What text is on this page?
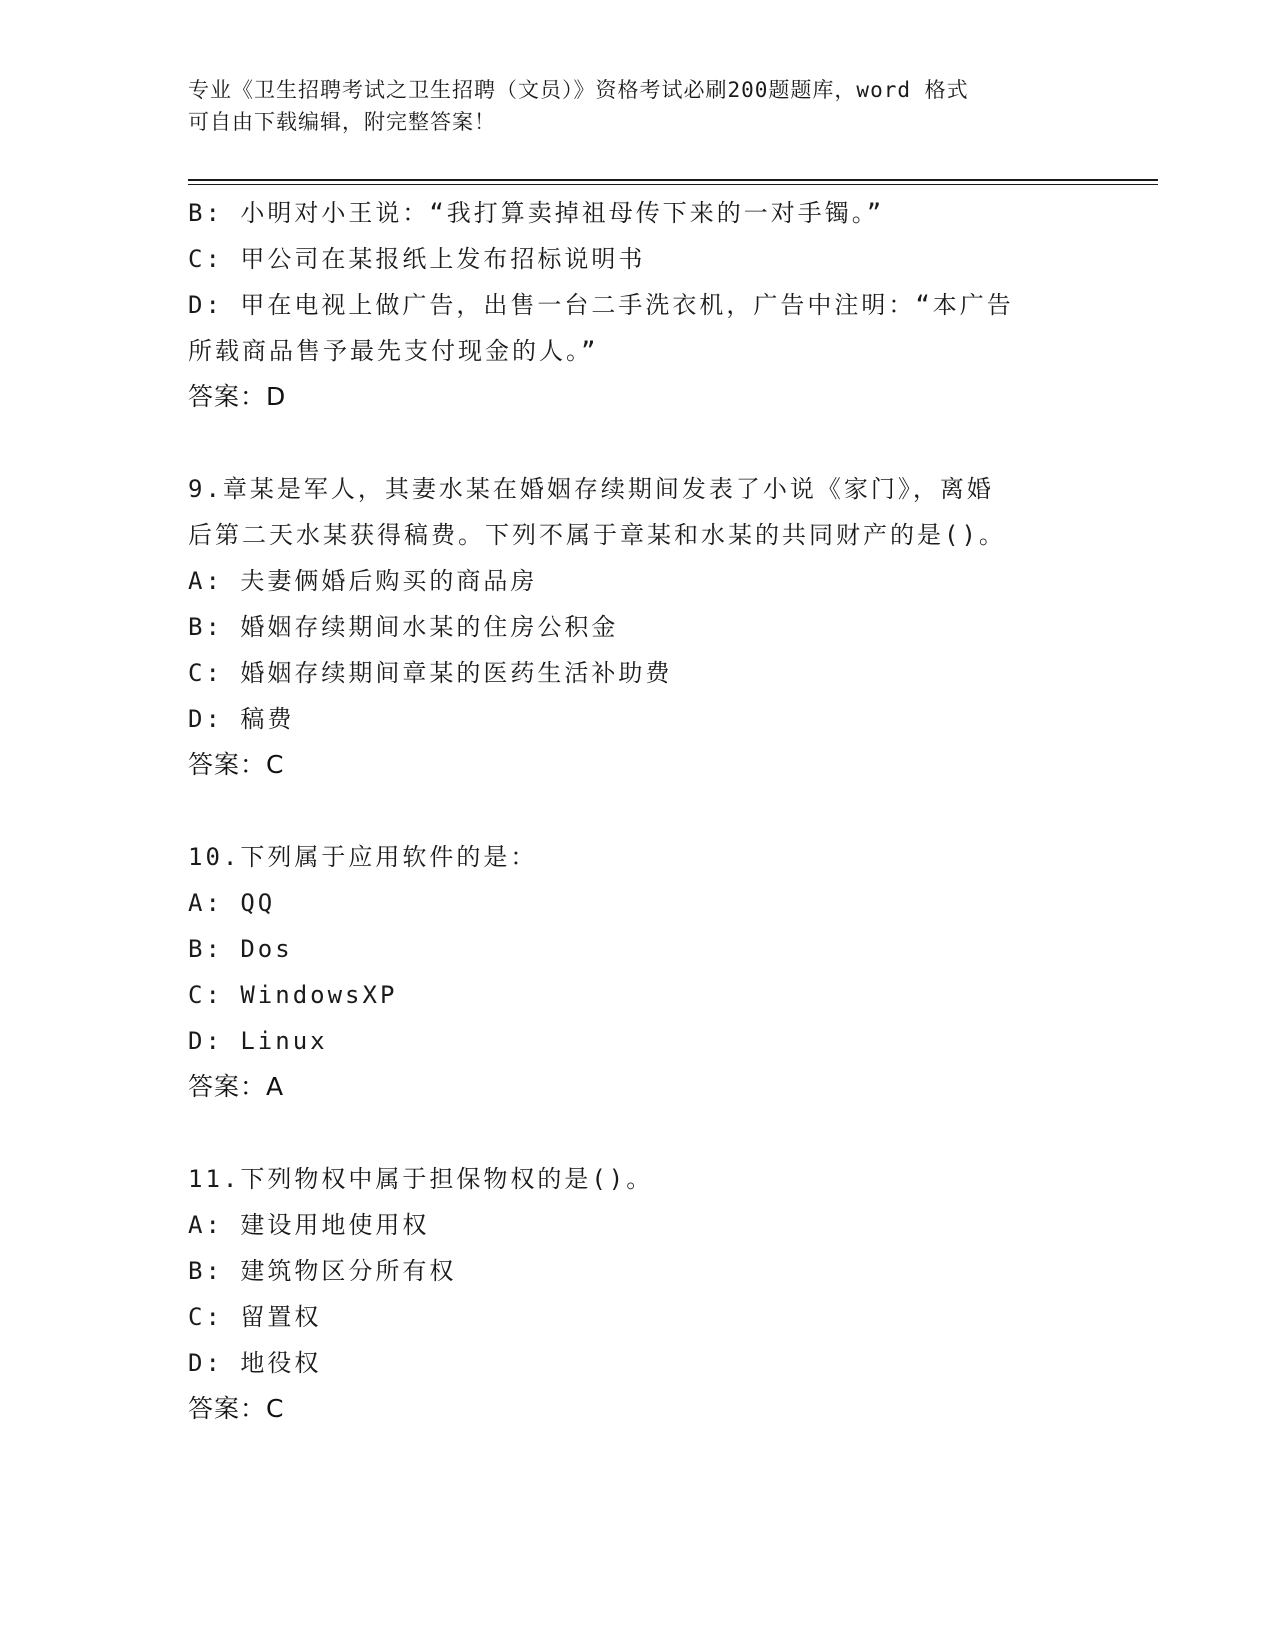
专业《卫生招聘考试之卫生招聘（文员）》资格考试必刷200题题库，word 格式
可自由下载编辑，附完整答案！
B: 小明对小王说：“我打算卖掉祖母传下来的一对手镯。”
C: 甲公司在某报纸上发布招标说明书
D: 甲在电视上做广告，出售一台二手洗衣机，广告中注明：“本广告
所载商品售予最先支付现金的人。”
答案：D
9.章某是军人，其妻水某在婚姻存续期间发表了小说《家门》，离婚
后第二天水某获得稿费。下列不属于章某和水某的共同财产的是()。
A: 夫妻俩婚后购买的商品房
B: 婚姻存续期间水某的住房公积金
C: 婚姻存续期间章某的医药生活补助费
D: 稿费
答案：C
10.下列属于应用软件的是：
A: QQ
B: Dos
C: WindowsXP
D: Linux
答案：A
11.下列物权中属于担保物权的是()。
A: 建设用地使用权
B: 建筑物区分所有权
C: 留置权
D: 地役权
答案：C
